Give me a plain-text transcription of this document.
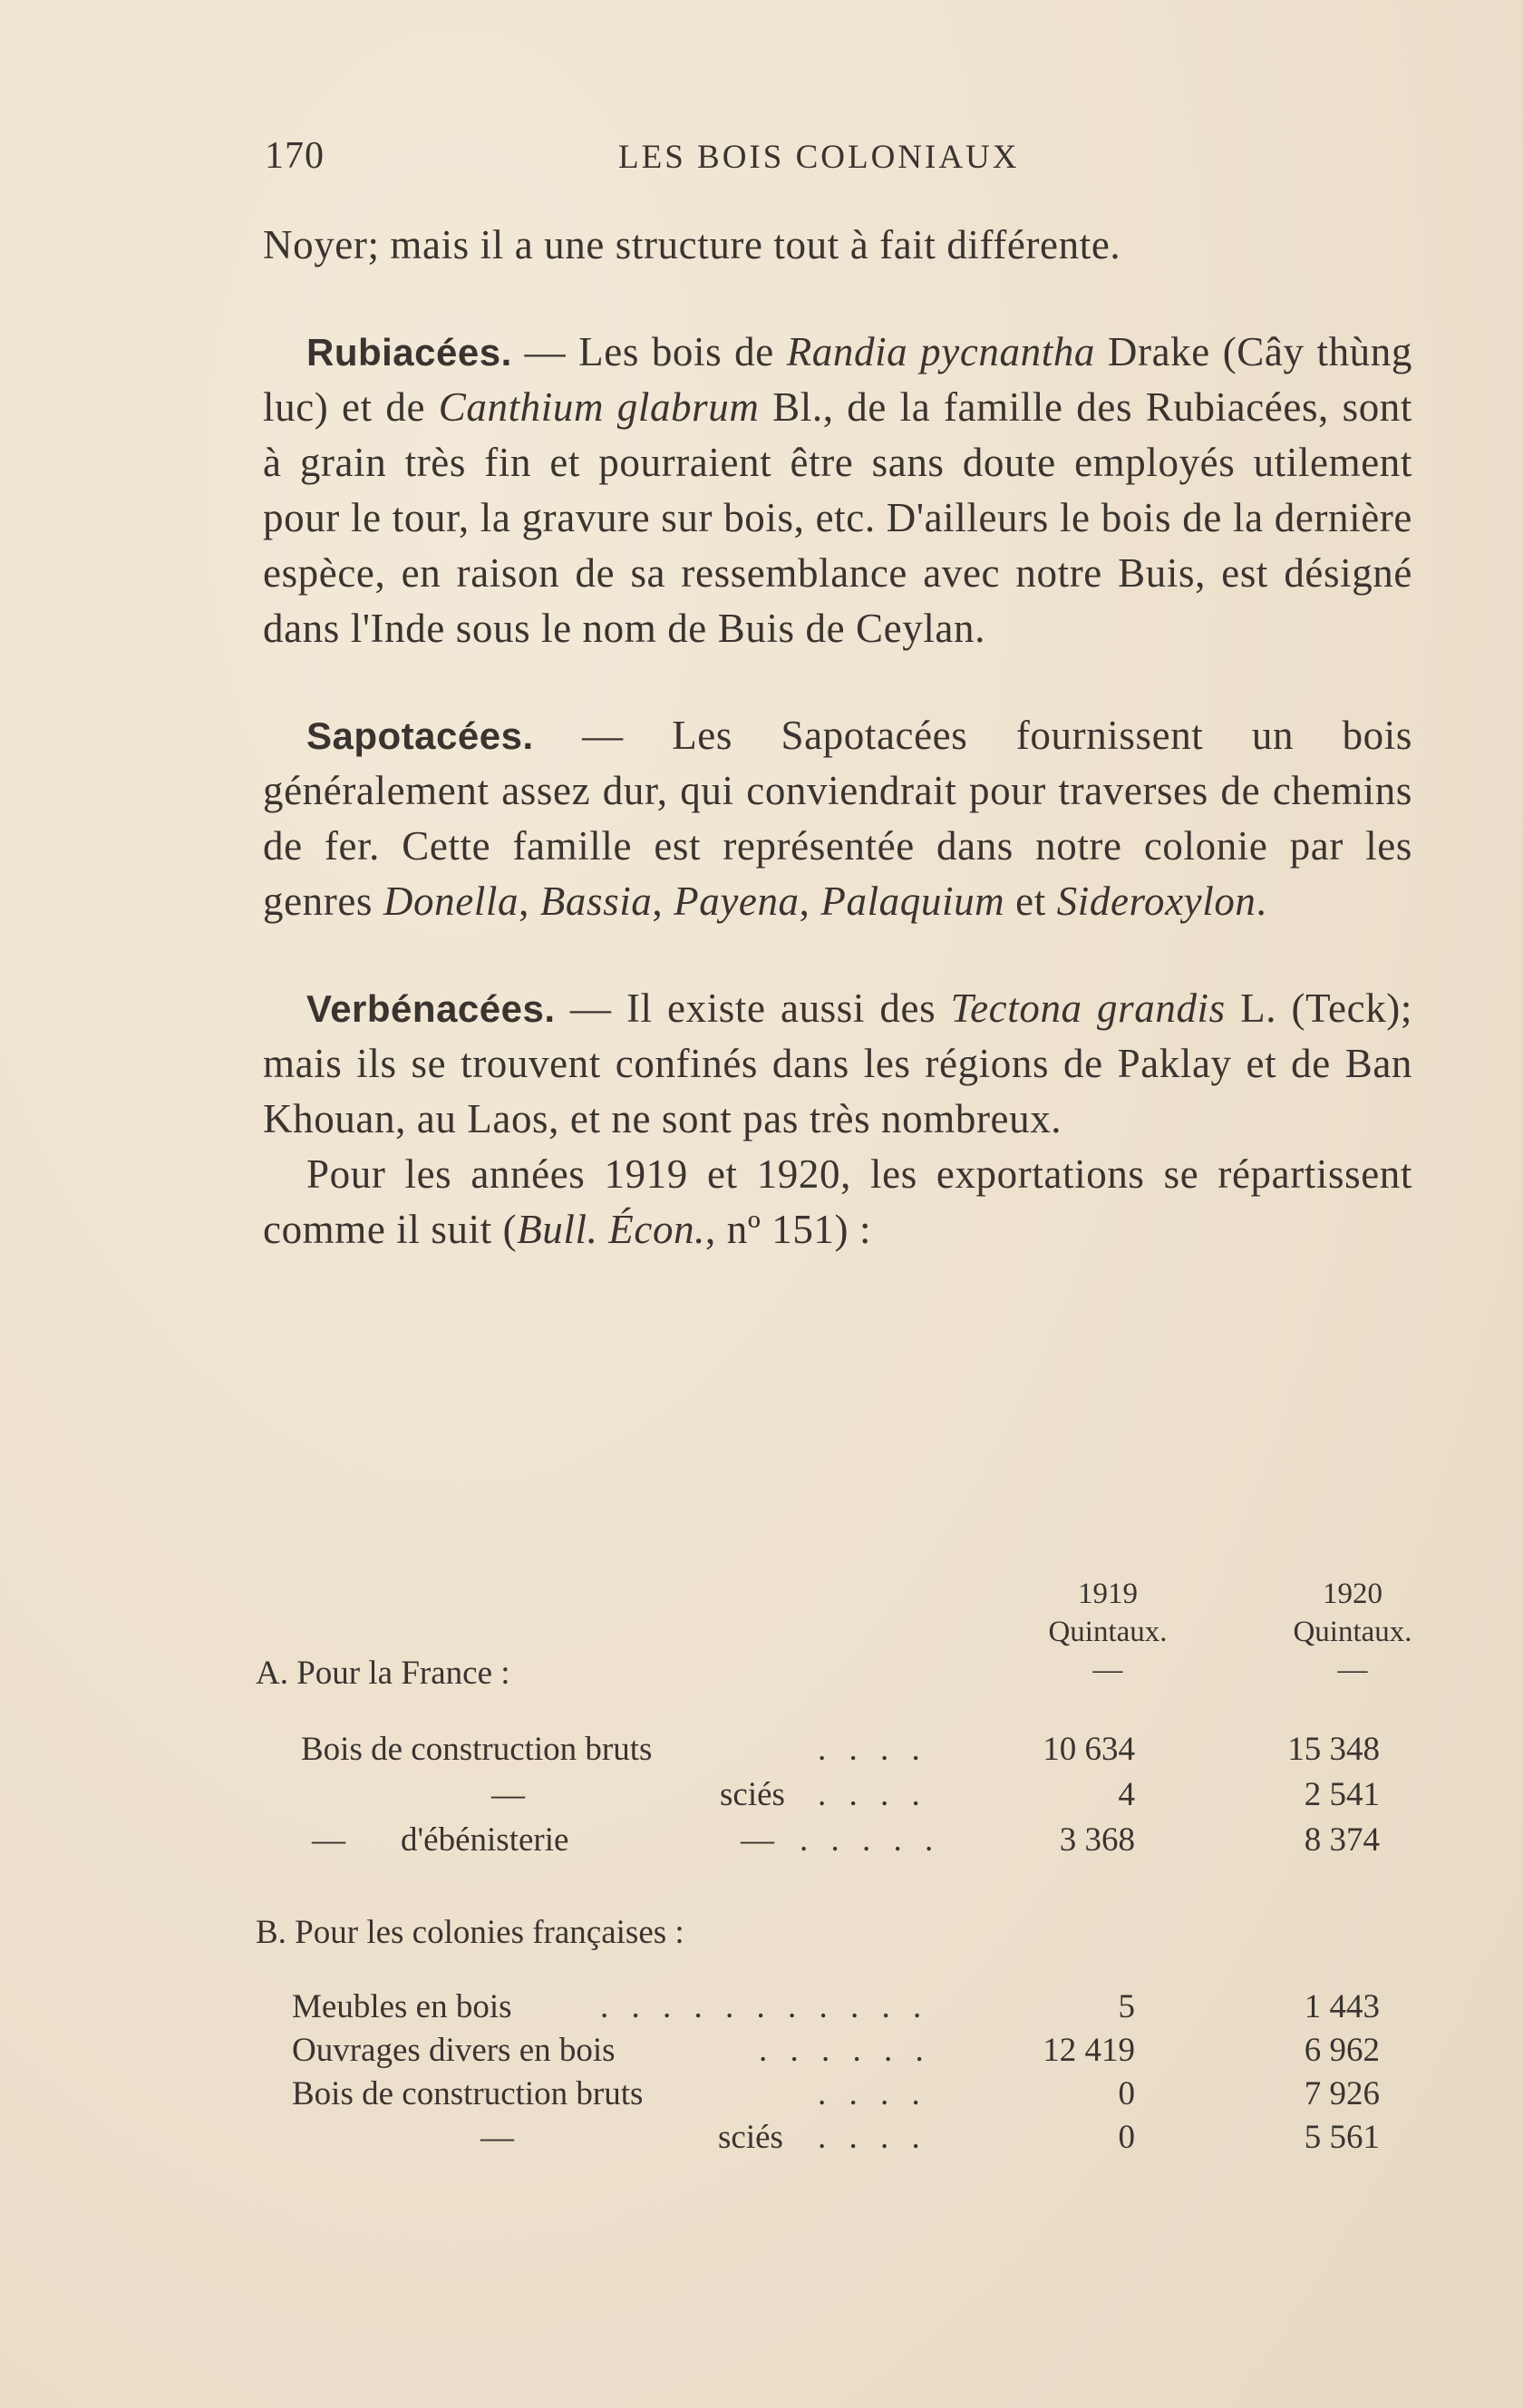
170	LES BOIS COLONIAUX

Noyer; mais il a une structure tout à fait différente.

Rubiacées. — Les bois de Randia pycnantha Drake (Cây thùng luc) et de Canthium glabrum Bl., de la famille des Rubiacées, sont à grain très fin et pourraient être sans doute employés utilement pour le tour, la gravure sur bois, etc. D'ailleurs le bois de la dernière espèce, en raison de sa ressemblance avec notre Buis, est désigné dans l'Inde sous le nom de Buis de Ceylan.

Sapotacées. — Les Sapotacées fournissent un bois généralement assez dur, qui conviendrait pour traverses de chemins de fer. Cette famille est représentée dans notre colonie par les genres Donella, Bassia, Payena, Palaquium et Sideroxylon.

Verbénacées. — Il existe aussi des Tectona grandis L. (Teck); mais ils se trouvent confinés dans les régions de Paklay et de Ban Khouan, au Laos, et ne sont pas très nombreux.

Pour les années 1919 et 1920, les exportations se répartissent comme il suit (Bull. Écon., nº 151) :

1919	1920
Quintaux.	Quintaux.
A. Pour la France :	—	—
Bois de construction bruts	. . . .	10 634	15 348
—	sciés . . . .	4	2 541
— d'ébénisterie	— . . . . .	3 368	8 374
B. Pour les colonies françaises :
Meubles en bois	. . . . . . . . . . .	5	1 443
Ouvrages divers en bois	. . . . . .	12 419	6 962
Bois de construction bruts	. . . .	0	7 926
—	sciés . . . .	0	5 561
